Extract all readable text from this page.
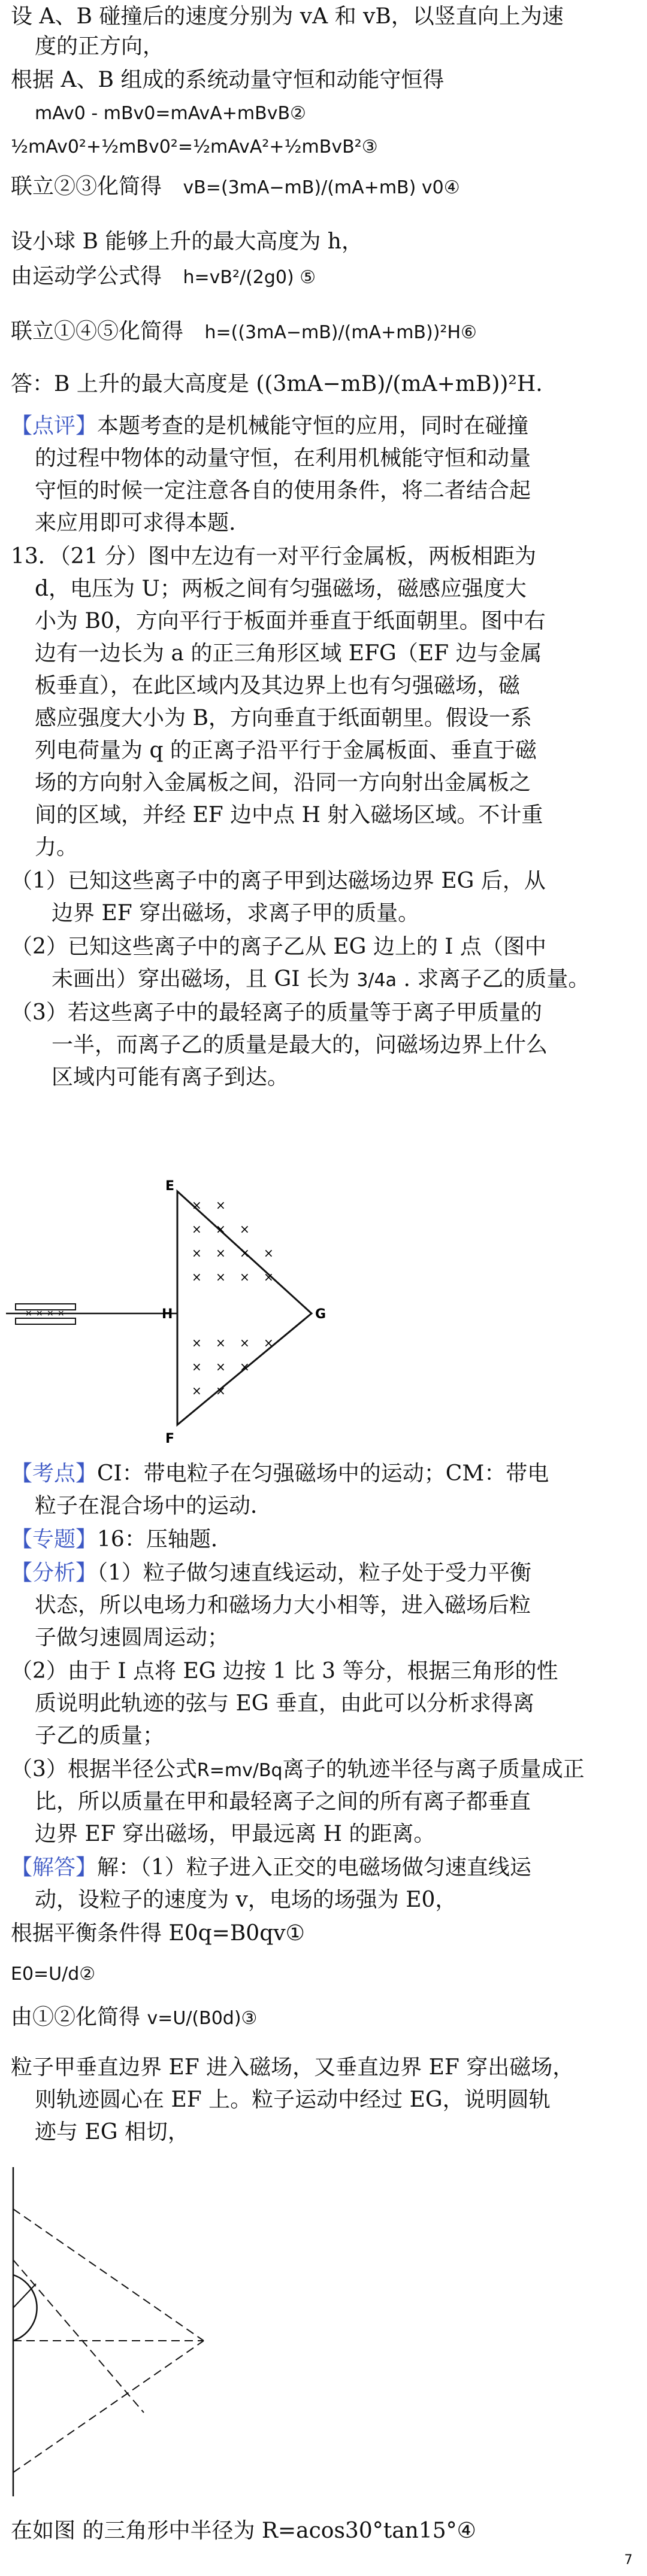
设 A、B 碰撞后的速度分别为 vA 和 vB，以竖直向上为速
度的正方向，
根据 A、B 组成的系统动量守恒和动能守恒得
mAv0 - mBv0=mAvA+mBvB②
½mAv0²+½mBv0²=½mAvA²+½mBvB²③
联立②③化简得 vB=(3mA−mB)/(mA+mB) v0④
设小球 B 能够上升的最大高度为 h，
由运动学公式得 h=vB²/(2g0) ⑤
联立①④⑤化简得 h=((3mA−mB)/(mA+mB))²H⑥
答：B 上升的最大高度是 ((3mA−mB)/(mA+mB))²H.
【点评】本题考查的是机械能守恒的应用，同时在碰撞
的过程中物体的动量守恒，在利用机械能守恒和动量
守恒的时候一定注意各自的使用条件，将二者结合起
来应用即可求得本题.
13．（21 分）图中左边有一对平行金属板，两板相距为
d，电压为 U；两板之间有匀强磁场，磁感应强度大
小为 B0，方向平行于板面并垂直于纸面朝里。图中右
边有一边长为 a 的正三角形区域 EFG（EF 边与金属
板垂直），在此区域内及其边界上也有匀强磁场，磁
感应强度大小为 B，方向垂直于纸面朝里。假设一系
列电荷量为 q 的正离子沿平行于金属板面、垂直于磁
场的方向射入金属板之间，沿同一方向射出金属板之
间的区域，并经 EF 边中点 H 射入磁场区域。不计重
力。
（1）已知这些离子中的离子甲到达磁场边界 EG 后，从
边界 EF 穿出磁场，求离子甲的质量。
（2）已知这些离子中的离子乙从 EG 边上的 I 点（图中
未画出）穿出磁场，且 GI 长为 3/4a . 求离子乙的质量。
（3）若这些离子中的最轻离子的质量等于离子甲质量的
一半，而离子乙的质量是最大的，问磁场边界上什么
区域内可能有离子到达。
× × × ×
× ×
× × ×
× × × ×
× × × ×
× × × ×
× × ×
× ×
E
H
F
G
【考点】CI：带电粒子在匀强磁场中的运动；CM：带电
粒子在混合场中的运动．
【专题】16：压轴题．
【分析】（1）粒子做匀速直线运动，粒子处于受力平衡
状态，所以电场力和磁场力大小相等，进入磁场后粒
子做匀速圆周运动；
（2）由于 I 点将 EG 边按 1 比 3 等分，根据三角形的性
质说明此轨迹的弦与 EG 垂直，由此可以分析求得离
子乙的质量；
（3）根据半径公式R=mv/Bq离子的轨迹半径与离子质量成正
比，所以质量在甲和最轻离子之间的所有离子都垂直
边界 EF 穿出磁场，甲最远离 H 的距离。
【解答】解：（1）粒子进入正交的电磁场做匀速直线运
动，设粒子的速度为 v，电场的场强为 E0，
根据平衡条件得 E0q=B0qv①
E0=U/d②
由①②化简得 v=U/(B0d)③
粒子甲垂直边界 EF 进入磁场，又垂直边界 EF 穿出磁场，
则轨迹圆心在 EF 上。粒子运动中经过 EG，说明圆轨
迹与 EG 相切，
在如图 的三角形中半径为 R=acos30°tan15°④
7
